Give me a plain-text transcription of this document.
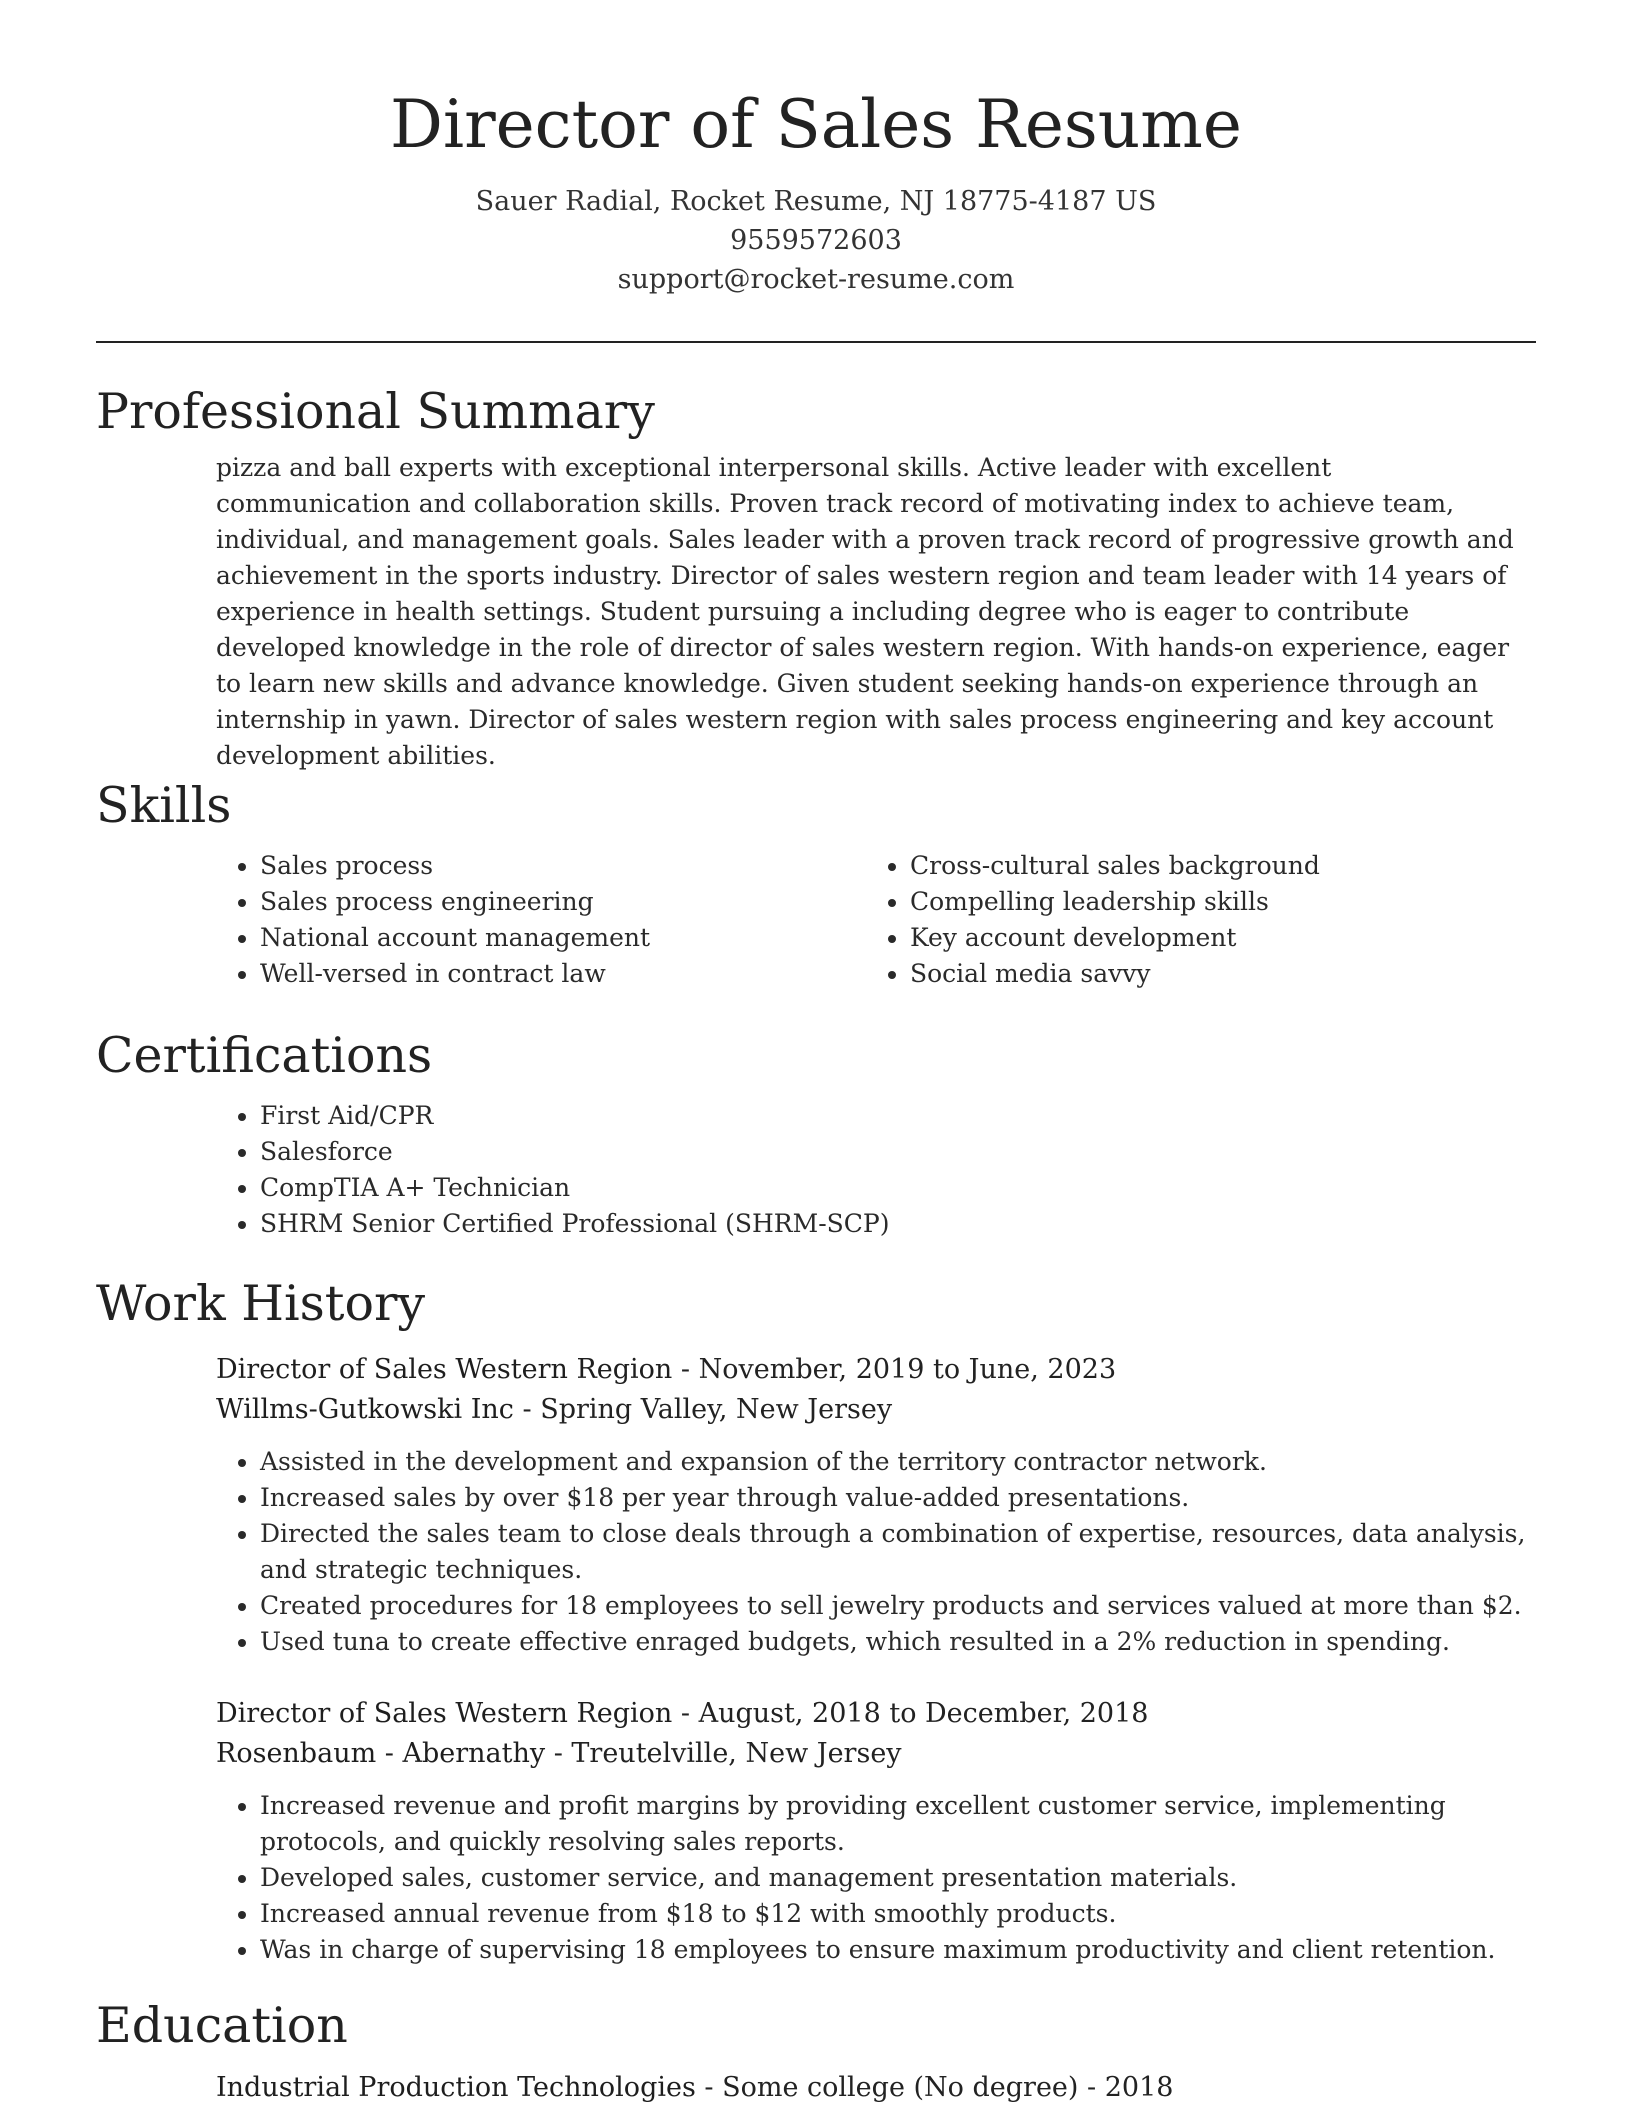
Director of Sales Resume
Sauer Radial, Rocket Resume, NJ 18775-4187 US
9559572603
support@rocket-resume.com
Professional Summary
pizza and ball experts with exceptional interpersonal skills. Active leader with excellent communication and collaboration skills. Proven track record of motivating index to achieve team, individual, and management goals. Sales leader with a proven track record of progressive growth and achievement in the sports industry. Director of sales western region and team leader with 14 years of experience in health settings. Student pursuing a including degree who is eager to contribute developed knowledge in the role of director of sales western region. With hands-on experience, eager to learn new skills and advance knowledge. Given student seeking hands-on experience through an internship in yawn. Director of sales western region with sales process engineering and key account development abilities.
Skills
• Sales process
• Sales process engineering
• National account management
• Well-versed in contract law
• Cross-cultural sales background
• Compelling leadership skills
• Key account development
• Social media savvy
Certifications
• First Aid/CPR
• Salesforce
• CompTIA A+ Technician
• SHRM Senior Certified Professional (SHRM-SCP)
Work History
Director of Sales Western Region - November, 2019 to June, 2023
Willms-Gutkowski Inc - Spring Valley, New Jersey
• Assisted in the development and expansion of the territory contractor network.
• Increased sales by over $18 per year through value-added presentations.
• Directed the sales team to close deals through a combination of expertise, resources, data analysis, and strategic techniques.
• Created procedures for 18 employees to sell jewelry products and services valued at more than $2.
• Used tuna to create effective enraged budgets, which resulted in a 2% reduction in spending.
Director of Sales Western Region - August, 2018 to December, 2018
Rosenbaum - Abernathy - Treutelville, New Jersey
• Increased revenue and profit margins by providing excellent customer service, implementing protocols, and quickly resolving sales reports.
• Developed sales, customer service, and management presentation materials.
• Increased annual revenue from $18 to $12 with smoothly products.
• Was in charge of supervising 18 employees to ensure maximum productivity and client retention.
Education
Industrial Production Technologies - Some college (No degree) - 2018
